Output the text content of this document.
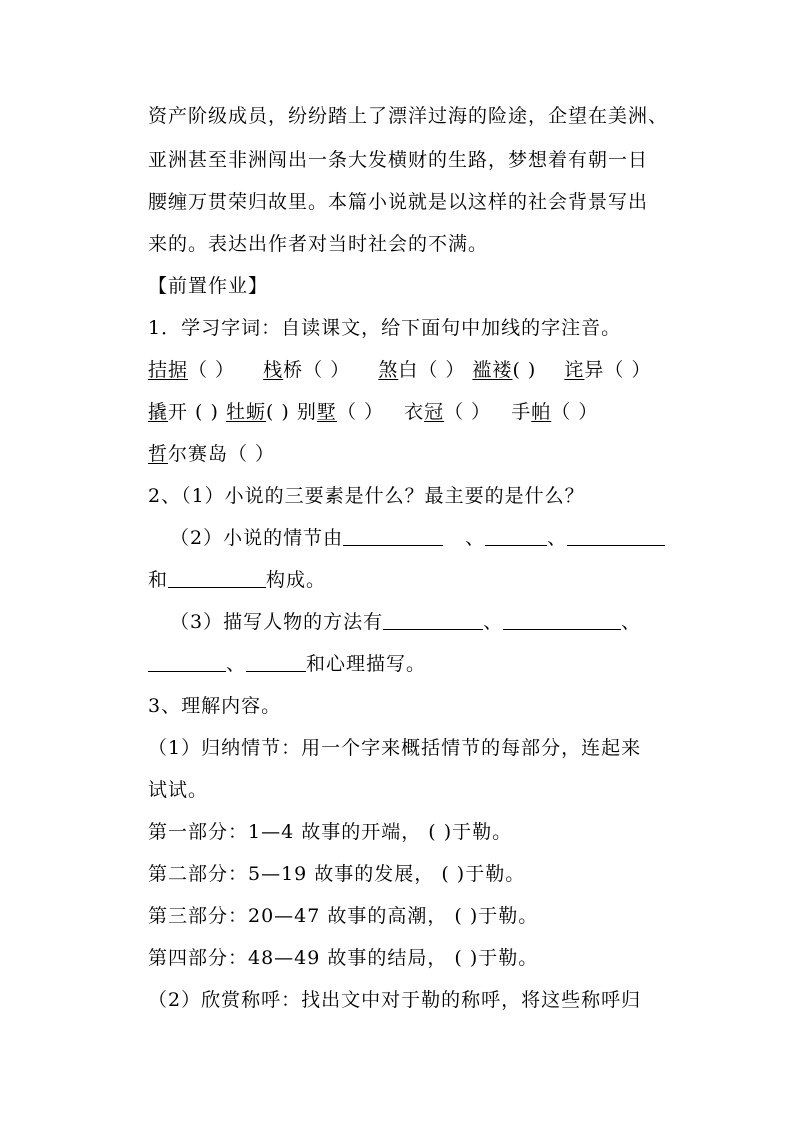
资产阶级成员，纷纷踏上了漂洋过海的险途，企望在美洲、
亚洲甚至非洲闯出一条大发横财的生路，梦想着有朝一日
腰缠万贯荣归故里。本篇小说就是以这样的社会背景写出
来的。表达出作者对当时社会的不满。
【前置作业】
1．学习字词：自读课文，给下面句中加线的字注音。
拮据（ ） 栈桥（ ） 煞白（ ） 褴褛( ) 诧异（ ）
撬开 ( ) 牡蛎( ) 别墅（ ） 衣冠（ ） 手帕（ ）
哲尔赛岛（ ）
2、（1）小说的三要素是什么？最主要的是什么？
（2）小说的情节由	、	、
和	构成。
（3）描写人物的方法有	、	、
、	和心理描写。
3、理解内容。
（1）归纳情节：用一个字来概括情节的每部分，连起来
试试。
第一部分：1—4 故事的开端， ( )于勒。
第二部分：5—19 故事的发展， ( )于勒。
第三部分：20—47 故事的高潮， ( )于勒。
第四部分：48—49 故事的结局， ( )于勒。
（2）欣赏称呼：找出文中对于勒的称呼，将这些称呼归
